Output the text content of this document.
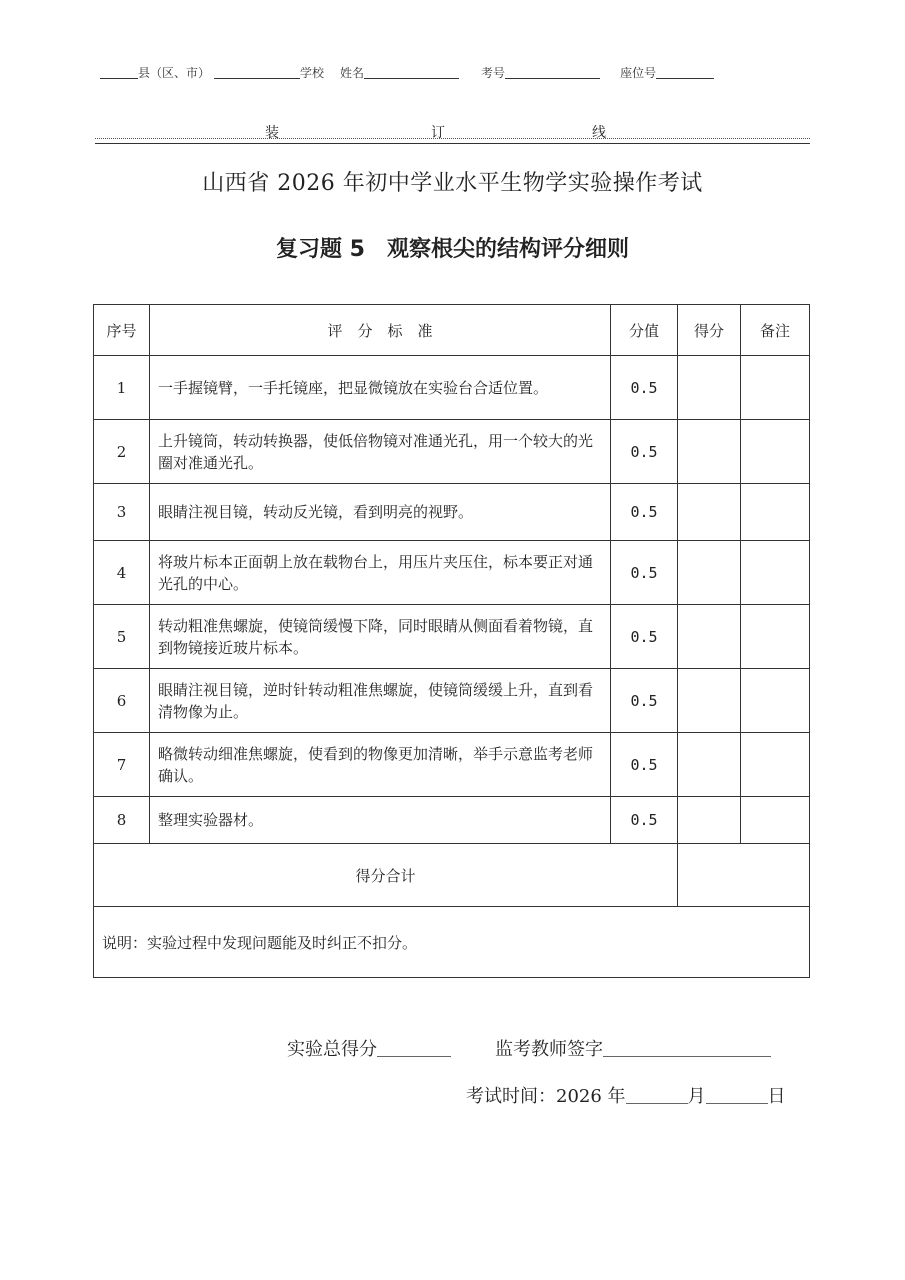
县（区、市）	学校 姓名	考号	座位号
装	订	线
山西省 2026 年初中学业水平生物学实验操作考试
复习题 5　观察根尖的结构评分细则
序号	评　分　标　准	分值	得分	备注
1	一手握镜臂，一手托镜座，把显微镜放在实验台合适位置。	0.5		
2	上升镜筒，转动转换器，使低倍物镜对准通光孔，用一个较大的光圈对准通光孔。	0.5		
3	眼睛注视目镜，转动反光镜，看到明亮的视野。	0.5		
4	将玻片标本正面朝上放在载物台上，用压片夹压住，标本要正对通光孔的中心。	0.5		
5	转动粗准焦螺旋，使镜筒缓慢下降，同时眼睛从侧面看着物镜，直到物镜接近玻片标本。	0.5		
6	眼睛注视目镜，逆时针转动粗准焦螺旋，使镜筒缓缓上升，直到看清物像为止。	0.5		
7	略微转动细准焦螺旋，使看到的物像更加清晰，举手示意监考老师确认。	0.5		
8	整理实验器材。	0.5		
得分合计				
说明：实验过程中发现问题能及时纠正不扣分。				
实验总得分	监考教师签字
考试时间：2026 年	月	日
